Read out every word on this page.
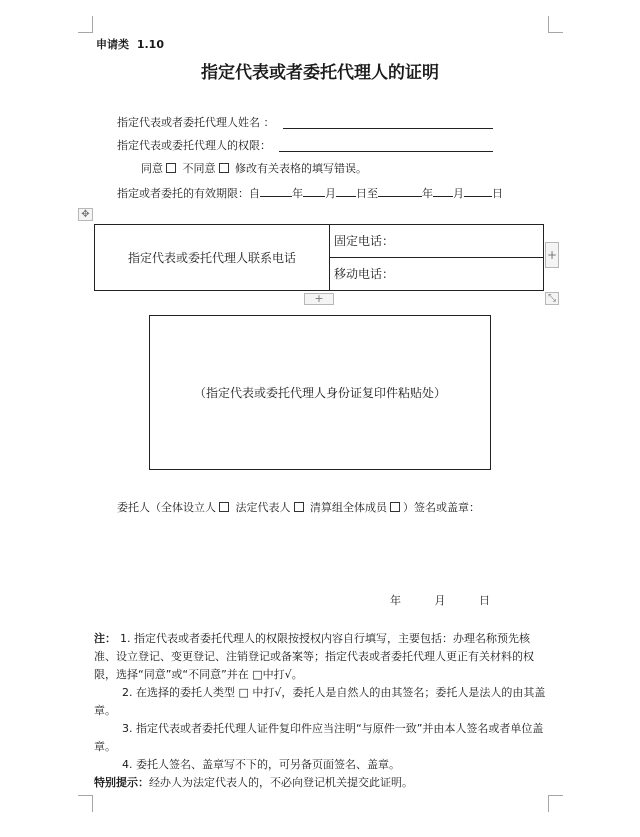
申请类 1.10
指定代表或者委托代理人的证明
指定代表或者委托代理人姓名 ：
指定代表或委托代理人的权限：
同意 不同意 修改有关表格的填写错误。
指定或者委托的有效期限：自	年 月 日至	年 月	日
✥
指定代表或委托代理人联系电话
固定电话：
移动电话：
+
+	⤡
（指定代表或委托代理人身份证复印件粘贴处）
委托人（全体设立人 法定代表人 清算组全体成员 ）签名或盖章：
年	月	日
注： 1. 指定代表或者委托代理人的权限按授权内容自行填写，主要包括：办理名称预先核准、设立登记、变更登记、注销登记或备案等；指定代表或者委托代理人更正有关材料的权限，选择“同意”或“不同意”并在 □中打√。
2. 在选择的委托人类型 □ 中打√，委托人是自然人的由其签名；委托人是法人的由其盖章。
3. 指定代表或者委托代理人证件复印件应当注明“与原件一致”并由本人签名或者单位盖章。
4. 委托人签名、盖章写不下的，可另备页面签名、盖章。
特别提示：经办人为法定代表人的，不必向登记机关提交此证明。
